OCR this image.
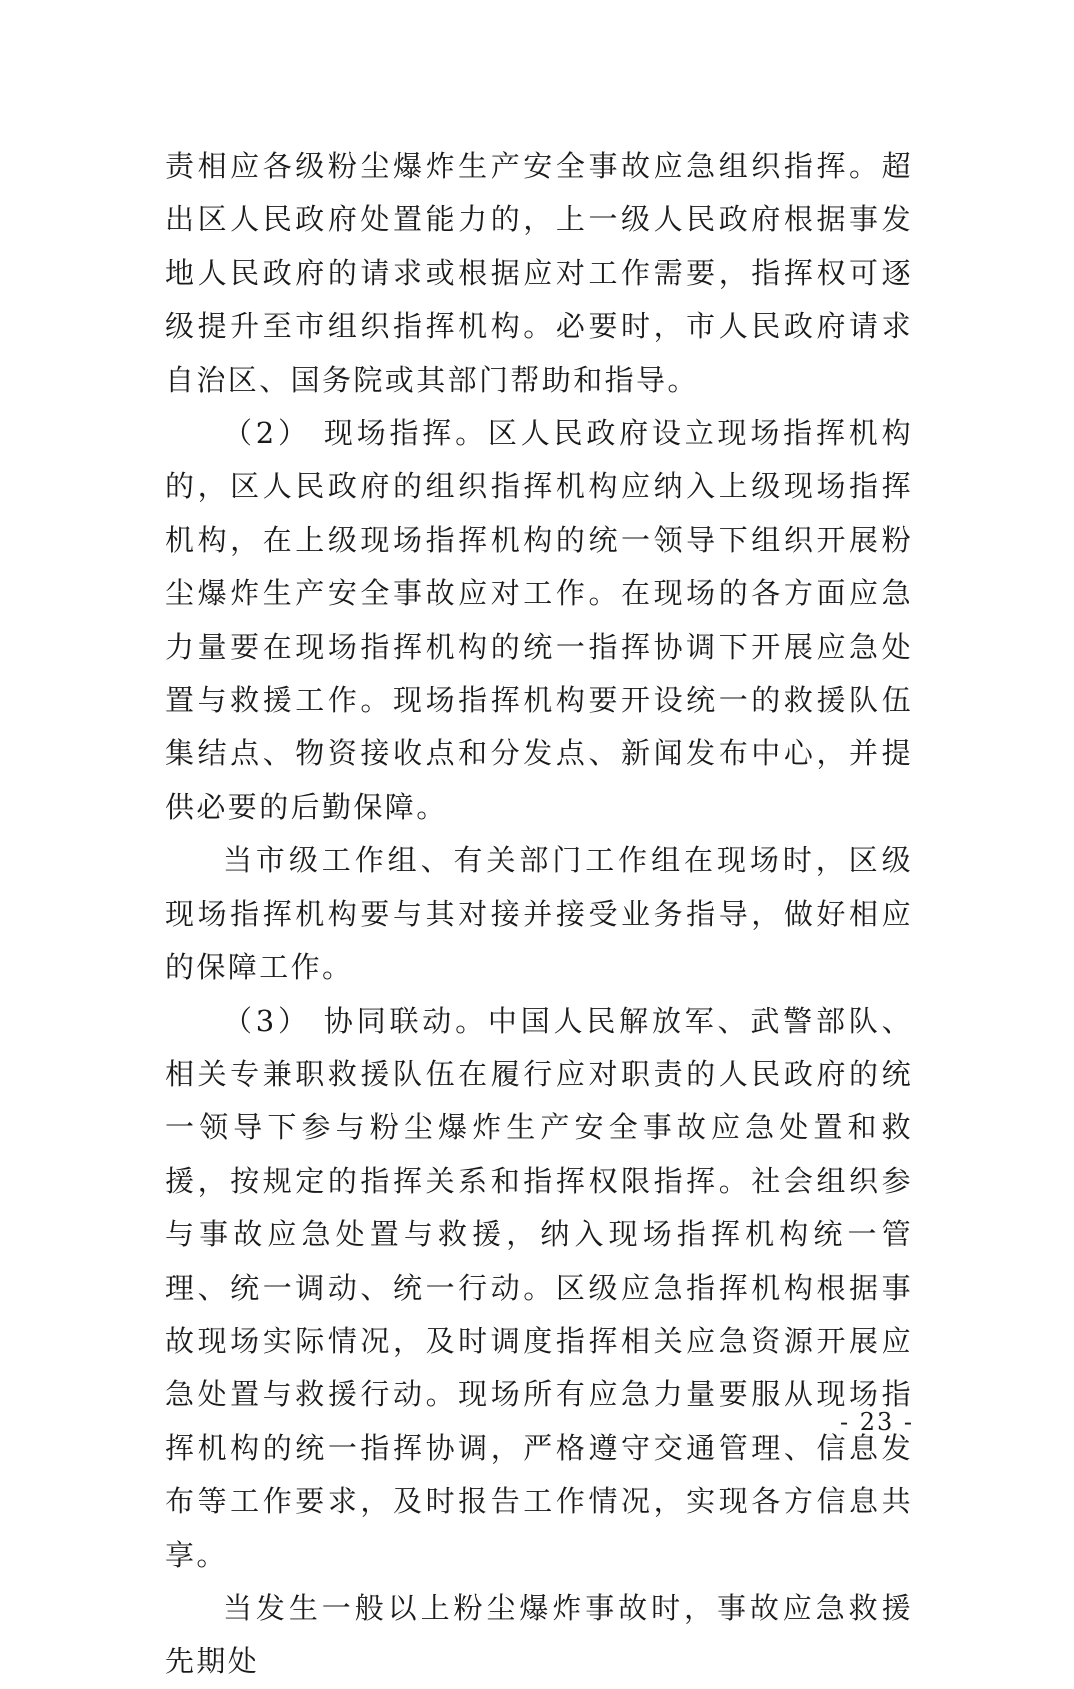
责相应各级粉尘爆炸生产安全事故应急组织指挥。超出区人民政府处置能力的，上一级人民政府根据事发地人民政府的请求或根据应对工作需要，指挥权可逐级提升至市组织指挥机构。必要时，市人民政府请求自治区、国务院或其部门帮助和指导。

（2） 现场指挥。区人民政府设立现场指挥机构的，区人民政府的组织指挥机构应纳入上级现场指挥机构，在上级现场指挥机构的统一领导下组织开展粉尘爆炸生产安全事故应对工作。在现场的各方面应急力量要在现场指挥机构的统一指挥协调下开展应急处置与救援工作。现场指挥机构要开设统一的救援队伍集结点、物资接收点和分发点、新闻发布中心，并提供必要的后勤保障。

当市级工作组、有关部门工作组在现场时，区级现场指挥机构要与其对接并接受业务指导，做好相应的保障工作。

（3） 协同联动。中国人民解放军、武警部队、相关专兼职救援队伍在履行应对职责的人民政府的统一领导下参与粉尘爆炸生产安全事故应急处置和救援，按规定的指挥关系和指挥权限指挥。社会组织参与事故应急处置与救援，纳入现场指挥机构统一管理、统一调动、统一行动。区级应急指挥机构根据事故现场实际情况，及时调度指挥相关应急资源开展应急处置与救援行动。现场所有应急力量要服从现场指挥机构的统一指挥协调，严格遵守交通管理、信息发布等工作要求，及时报告工作情况，实现各方信息共享。

当发生一般以上粉尘爆炸事故时，事故应急救援先期处

- 23 -
